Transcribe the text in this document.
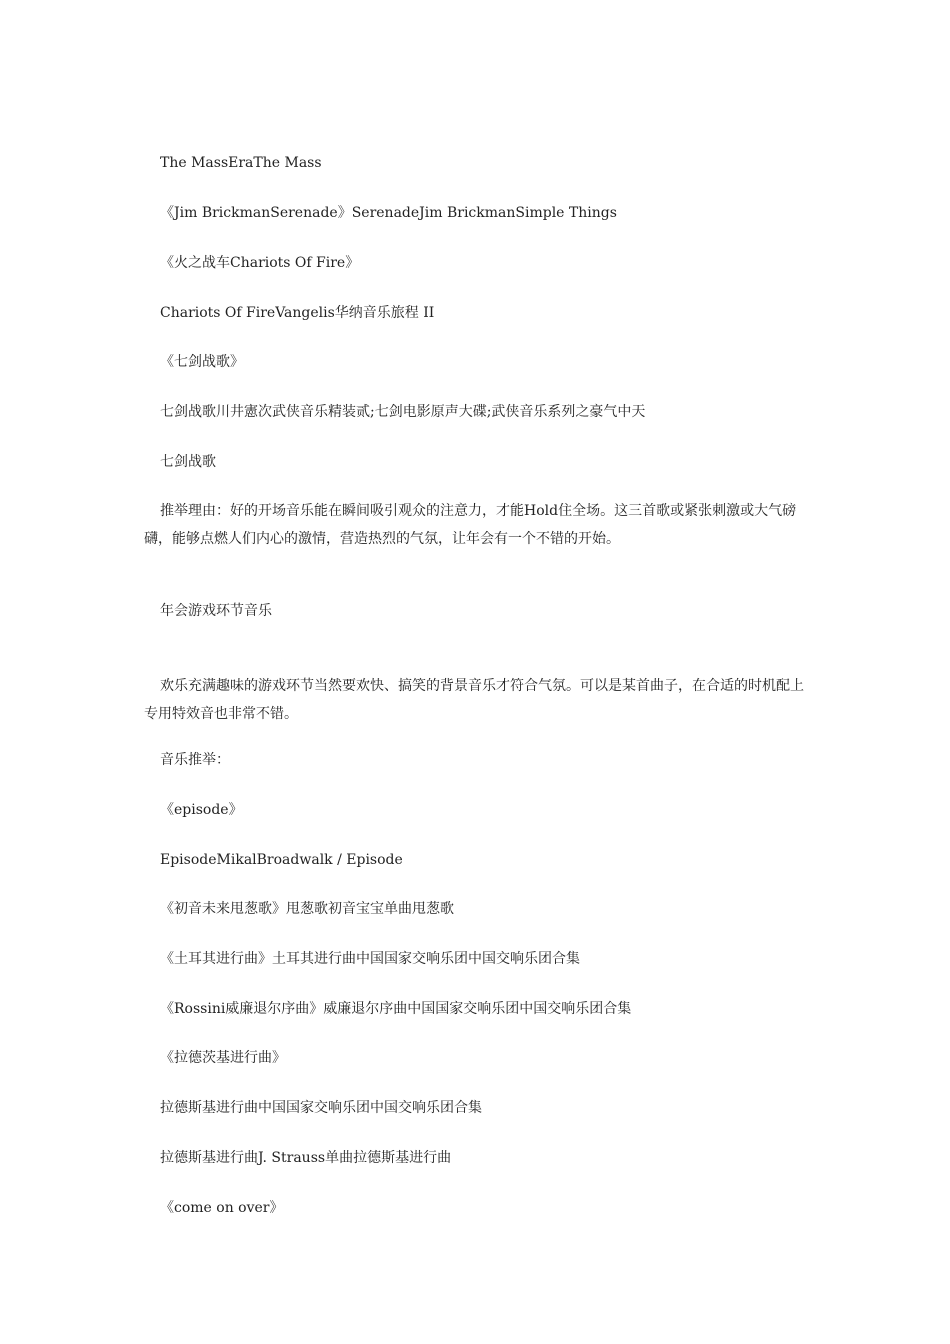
The MassEraThe Mass
《Jim BrickmanSerenade》SerenadeJim BrickmanSimple Things
《火之战车Chariots Of Fire》
Chariots Of FireVangelis华纳音乐旅程 II
《七剑战歌》
七剑战歌川井憲次武侠音乐精装贰;七剑电影原声大碟;武侠音乐系列之豪气中天
七剑战歌
推举理由：好的开场音乐能在瞬间吸引观众的注意力，才能Hold住全场。这三首歌或紧张刺激或大气磅礴，能够点燃人们内心的激情，营造热烈的气氛，让年会有一个不错的开始。
年会游戏环节音乐
欢乐充满趣味的游戏环节当然要欢快、搞笑的背景音乐才符合气氛。可以是某首曲子，在合适的时机配上专用特效音也非常不错。
音乐推举：
《episode》
EpisodeMikalBroadwalk / Episode
《初音未来甩葱歌》甩葱歌初音宝宝单曲甩葱歌
《土耳其进行曲》土耳其进行曲中国国家交响乐团中国交响乐团合集
《Rossini威廉退尔序曲》威廉退尔序曲中国国家交响乐团中国交响乐团合集
《拉德茨基进行曲》
拉德斯基进行曲中国国家交响乐团中国交响乐团合集
拉德斯基进行曲J. Strauss单曲拉德斯基进行曲
《come on over》
